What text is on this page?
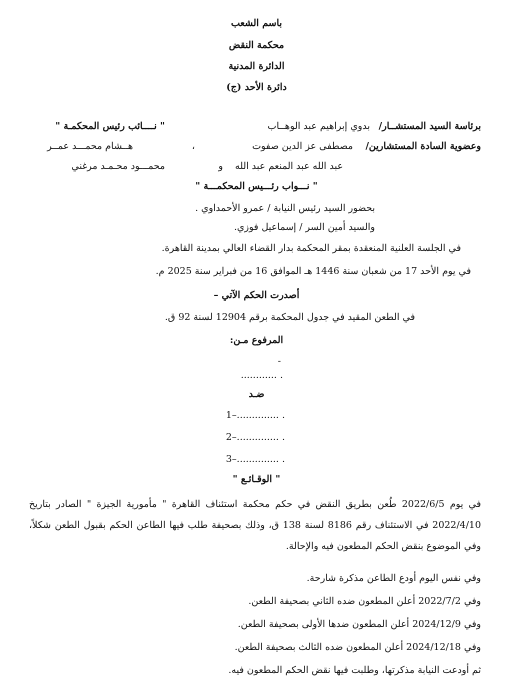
باسم الشعب
محكمة النقض
الدائرة المدنية
دائرة الأحد (ج)
برئاسة السيد المستشــار/
بدوي إبراهيم عبد الوهــاب
" نــــائب رئيس المحكمـة "
وعضوية السادة المستشارين/
مصطفى عز الدين صفوت
،
هــشام محمـــد عمــر
عبد الله عبد المنعم عبد الله
و
محمـــود محـمـد مرغني
" نـــواب رئـــيس المحكمـــة "
بحضور السيد رئيس النيابة / عمرو الأحمداوي .
والسيد أمين السر / إسماعيل فوزي.
في الجلسة العلنية المنعقدة بمقر المحكمة بدار القضاء العالي بمدينة القاهرة.
في يوم الأحد 17 من شعبان سنة 1446 هـ الموافق 16 من فبراير سنة 2025 م.
أصدرت الحكم الآتي –
في الطعن المقيد في جدول المحكمة برقم 12904 لسنة 92 ق.
المرفوع مـن:
-
. ............
ضـد
. ..............–1
. ..............–2
. ..............–3
" الوقـائـع "
في يوم 2022/6/5 طُعن بطريق النقض في حكم محكمة استئناف القاهرة " مأمورية الجيزة " الصادر بتاريخ 2022/4/10 في الاستئناف رقم 8186 لسنة 138 ق، وذلك بصحيفة طلب فيها الطاعن الحكم بقبول الطعن شكلاً، وفي الموضوع بنقض الحكم المطعون فيه والإحالة.
وفي نفس اليوم أودع الطاعن مذكرة شارحة.
وفي 2022/7/2 أعلن المطعون ضده الثاني بصحيفة الطعن.
وفي 2024/12/9 أعلن المطعون ضدها الأولى بصحيفة الطعن.
وفي 2024/12/18 أعلن المطعون ضده الثالث بصحيفة الطعن.
ثم أودعت النيابة مذكرتها، وطلبت فيها نقض الحكم المطعون فيه.
